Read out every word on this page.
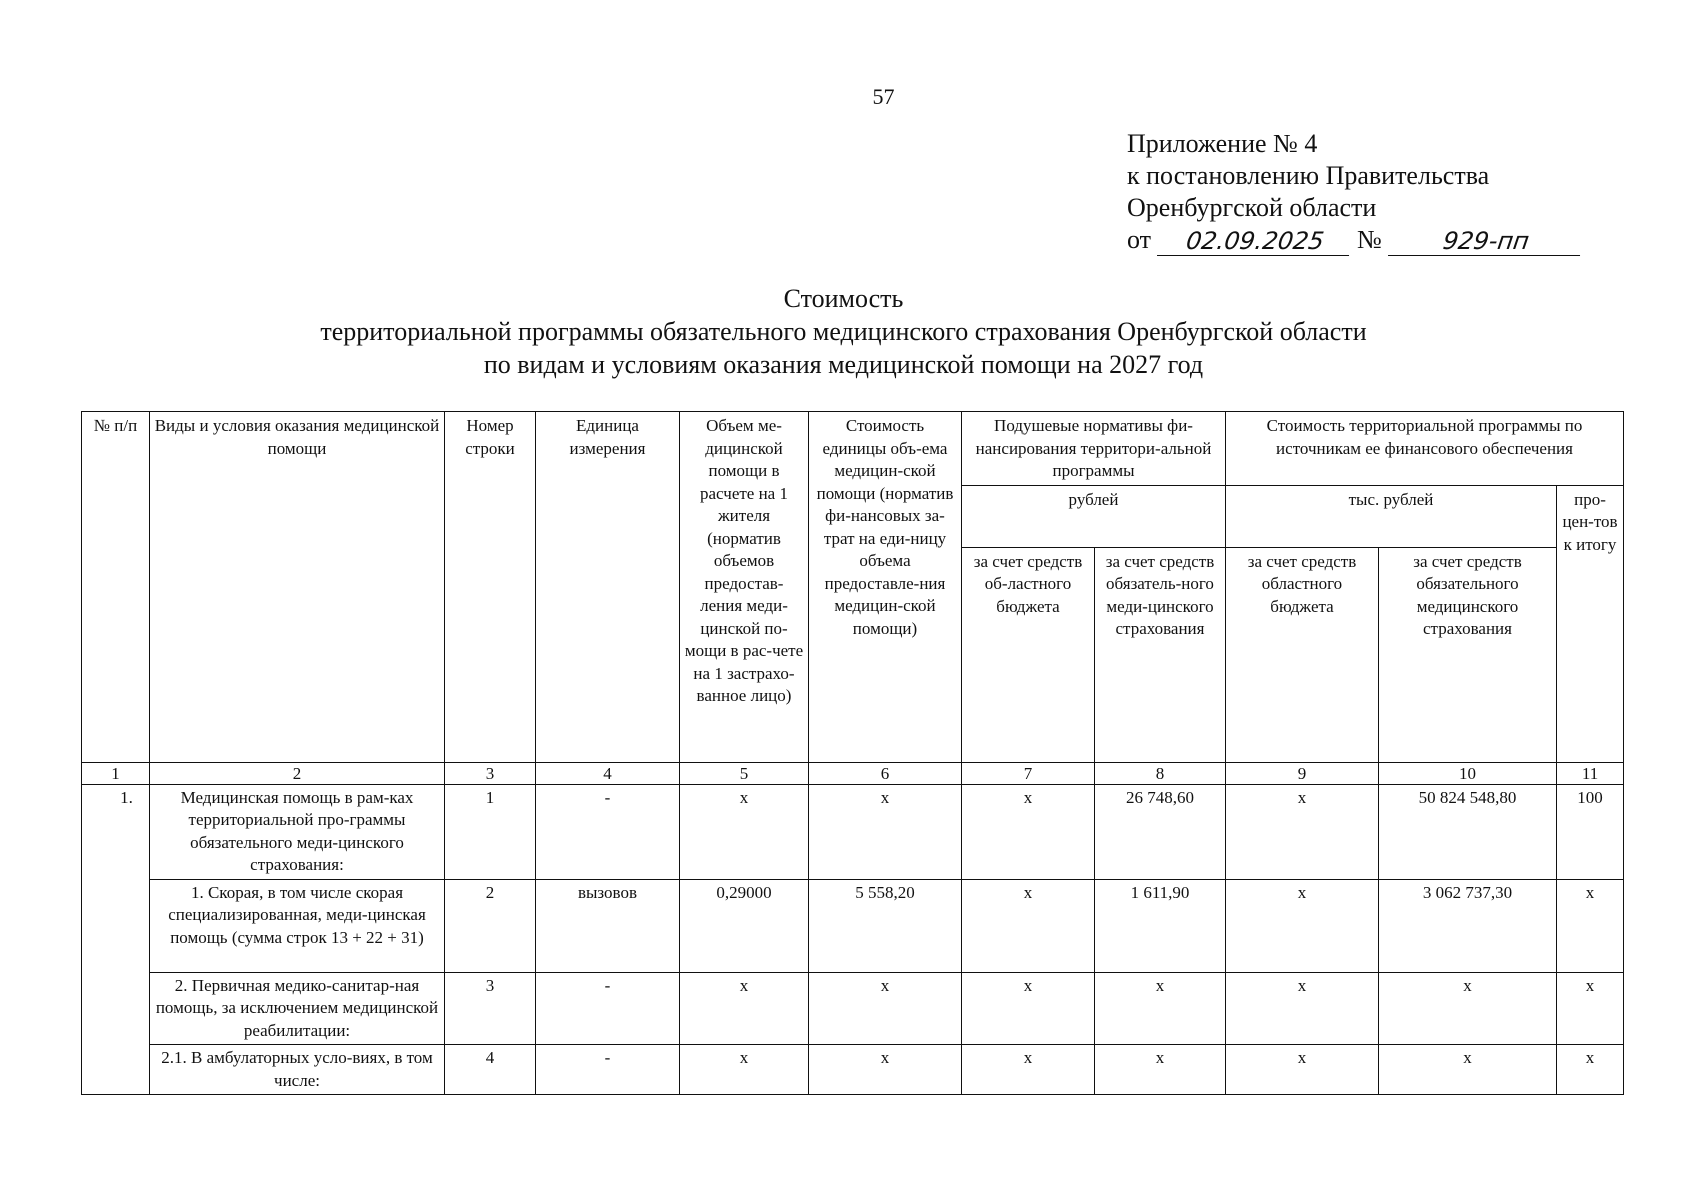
57
Приложение № 4
к постановлению Правительства
Оренбургской области
от	02.09.2025	№	929-пп
Стоимость
территориальной программы обязательного медицинского страхования Оренбургской области
по видам и условиям оказания медицинской помощи на 2027 год
№ п/п	Виды и условия оказания медицинской помощи	Номер строки	Единица измерения	Объем ме-дицинской помощи в расчете на 1 жителя (норматив объемов предостав-ления меди-цинской по-мощи в рас-чете на 1 застрахо-ванное лицо)	Стоимость единицы объ-ема медицин-ской помощи (норматив фи-нансовых за-трат на еди-ницу объема предоставле-ния медицин-ской помощи)	Подушевые нормативы фи-нансирования территори-альной программы		Стоимость территориальной программы по источникам ее финансового обеспечения		
						рублей		тыс. рублей		про-цен-тов к итогу
						за счет средств об-ластного бюджета	за счет средств обязатель-ного меди-цинского страхования	за счет средств областного бюджета	за счет средств обязательного медицинского страхования	
1	2	3	4	5	6	7	8	9	10	11
1.	Медицинская помощь в рам-ках территориальной про-граммы обязательного меди-цинского страхования:	1	-	х	х	х	26 748,60	х	50 824 548,80	100
	1. Скорая, в том числе скорая специализированная, меди-цинская помощь (сумма строк 13 + 22 + 31)	2	вызовов	0,29000	5 558,20	х	1 611,90	х	3 062 737,30	х
	2. Первичная медико-санитар-ная помощь, за исключением медицинской реабилитации:	3	-	х	х	х	х	х	х	х
	2.1. В амбулаторных усло-виях, в том числе:	4	-	х	х	х	х	х	х	х
